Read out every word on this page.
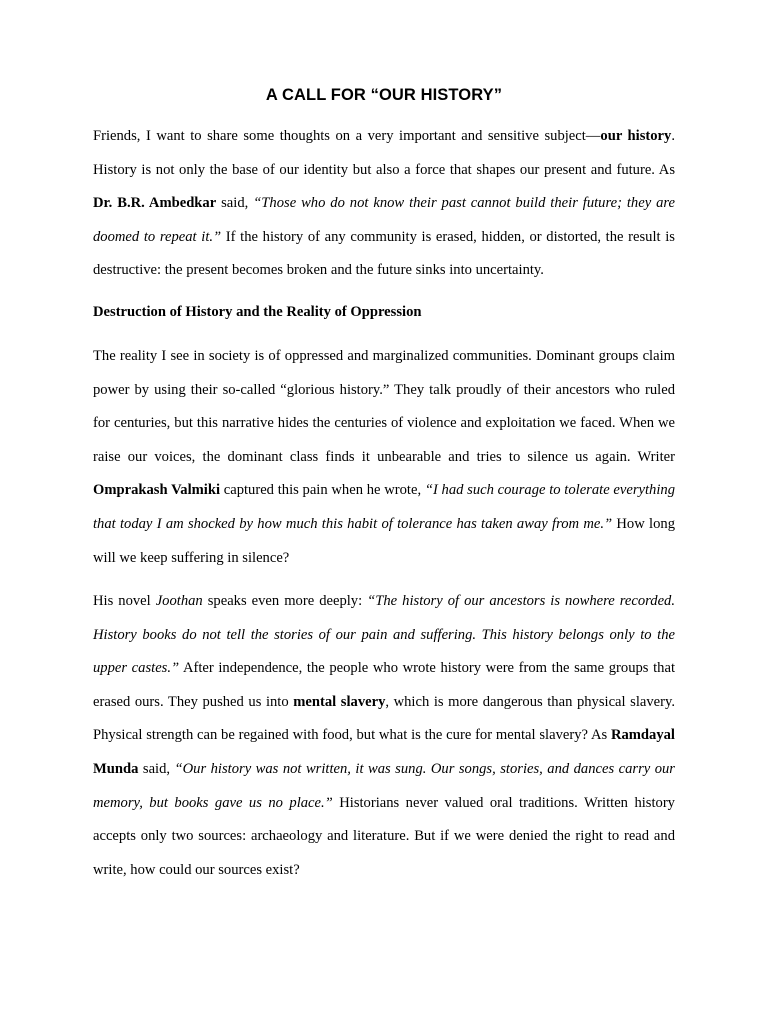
A CALL FOR “OUR HISTORY”

Friends, I want to share some thoughts on a very important and sensitive subject—our history. History is not only the base of our identity but also a force that shapes our present and future. As Dr. B.R. Ambedkar said, “Those who do not know their past cannot build their future; they are doomed to repeat it.” If the history of any community is erased, hidden, or distorted, the result is destructive: the present becomes broken and the future sinks into uncertainty.

Destruction of History and the Reality of Oppression

The reality I see in society is of oppressed and marginalized communities. Dominant groups claim power by using their so-called “glorious history.” They talk proudly of their ancestors who ruled for centuries, but this narrative hides the centuries of violence and exploitation we faced. When we raise our voices, the dominant class finds it unbearable and tries to silence us again. Writer Omprakash Valmiki captured this pain when he wrote, “I had such courage to tolerate everything that today I am shocked by how much this habit of tolerance has taken away from me.” How long will we keep suffering in silence?

His novel Joothan speaks even more deeply: “The history of our ancestors is nowhere recorded. History books do not tell the stories of our pain and suffering. This history belongs only to the upper castes.” After independence, the people who wrote history were from the same groups that erased ours. They pushed us into mental slavery, which is more dangerous than physical slavery. Physical strength can be regained with food, but what is the cure for mental slavery? As Ramdayal Munda said, “Our history was not written, it was sung. Our songs, stories, and dances carry our memory, but books gave us no place.” Historians never valued oral traditions. Written history accepts only two sources: archaeology and literature. But if we were denied the right to read and write, how could our sources exist?
